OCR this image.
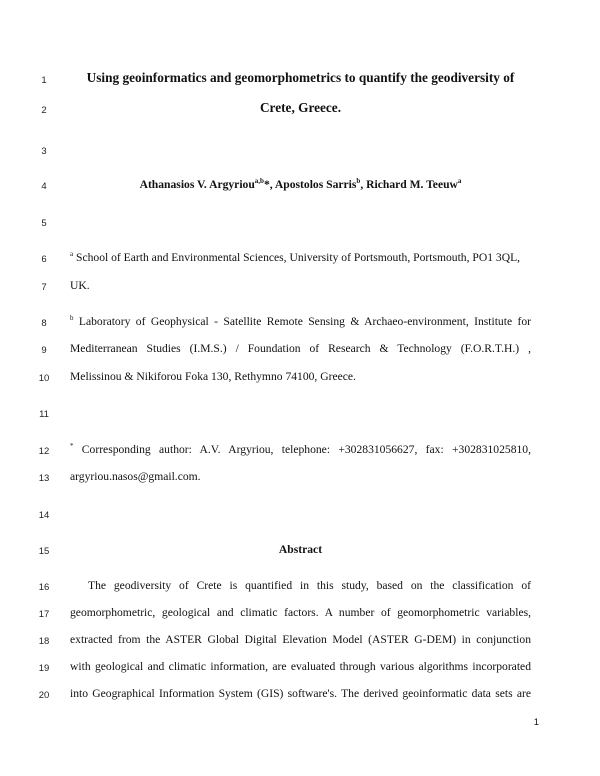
1
2
3
4
5
6
7
8
9
10
11
12
13
14
15
16
17
18
19
20
Using geoinformatics and geomorphometrics to quantify the geodiversity of
Crete, Greece.
Athanasios V. Argyriou$^{a,b}$*, Apostolos Sarris$^b$, Richard M. Teeuw$^a$
$^a$ School of Earth and Environmental Sciences, University of Portsmouth, Portsmouth, PO1 3QL,
UK.
$^b$ Laboratory of Geophysical - Satellite Remote Sensing & Archaeo-environment, Institute for
Mediterranean Studies (I.M.S.) / Foundation of Research & Technology (F.O.R.T.H.) ,
Melissinou & Nikiforou Foka 130, Rethymno 74100, Greece.
* Corresponding author: A.V. Argyriou, telephone: +302831056627, fax: +302831025810,
argyriou.nasos@gmail.com.
Abstract
The geodiversity of Crete is quantified in this study, based on the classification of
geomorphometric, geological and climatic factors. A number of geomorphometric variables,
extracted from the ASTER Global Digital Elevation Model (ASTER G-DEM) in conjunction
with geological and climatic information, are evaluated through various algorithms incorporated
into Geographical Information System (GIS) software's. The derived geoinformatic data sets are
1
